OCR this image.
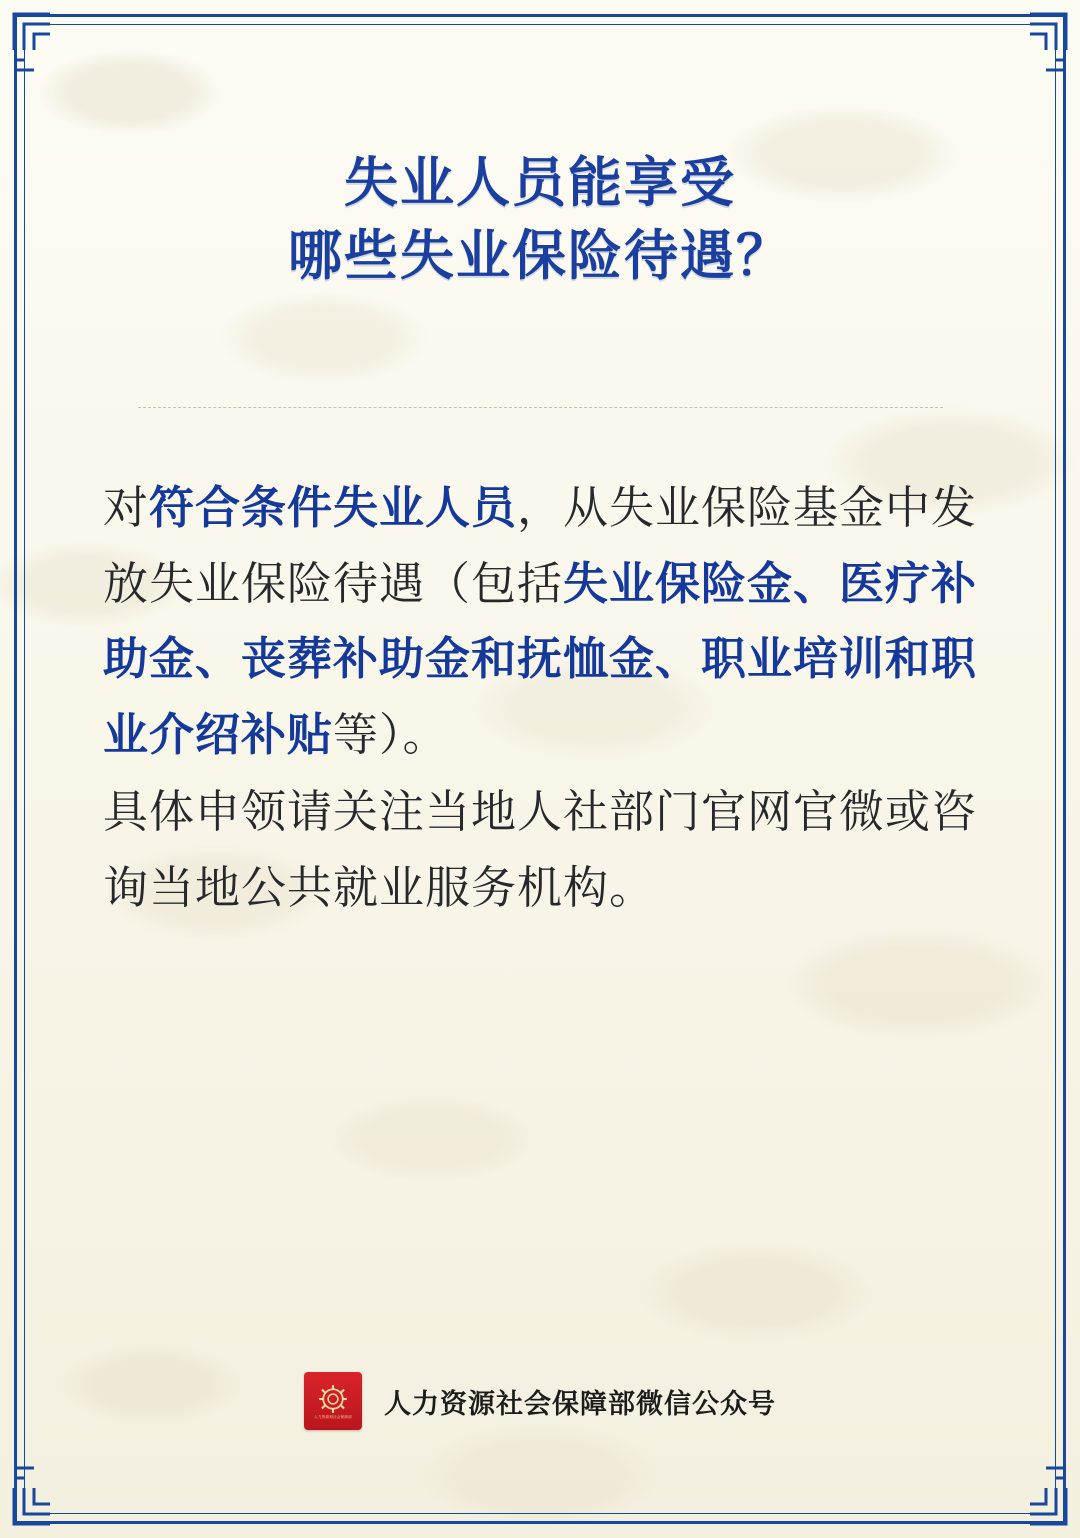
失业人员能享受
哪些失业保险待遇？

对符合条件失业人员，从失业保险基金中发放失业保险待遇（包括失业保险金、医疗补助金、丧葬补助金和抚恤金、职业培训和职业介绍补贴等）。

具体申领请关注当地人社部门官网官微或咨询当地公共就业服务机构。

人力资源和社会保障部 人力资源社会保障部微信公众号
